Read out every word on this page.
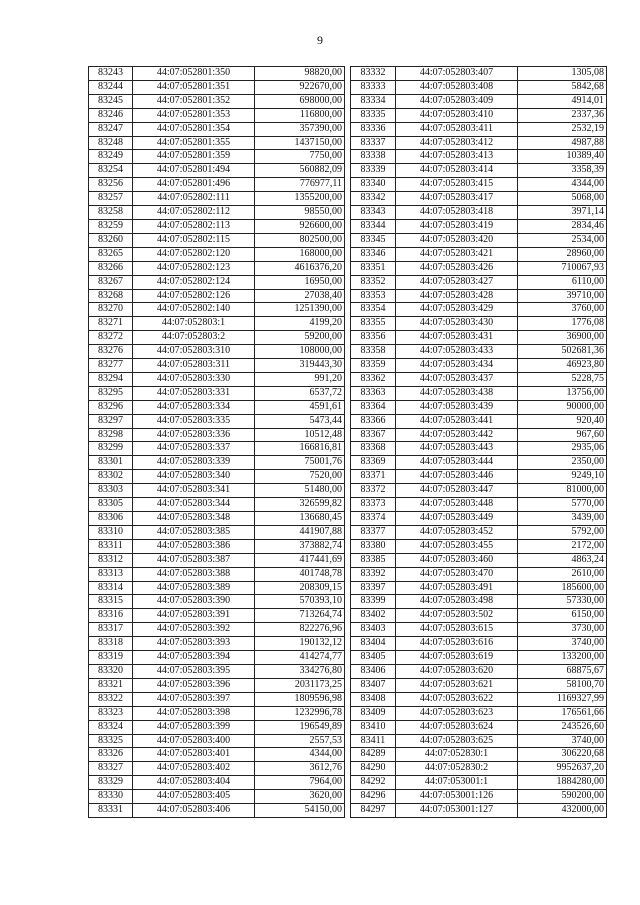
9
83243	44:07:052801:350	98820,00
83244	44:07:052801:351	922670,00
83245	44:07:052801:352	698000,00
83246	44:07:052801:353	116800,00
83247	44:07:052801:354	357390,00
83248	44:07:052801:355	1437150,00
83249	44:07:052801:359	7750,00
83254	44:07:052801:494	560882,09
83256	44:07:052801:496	776977,11
83257	44:07:052802:111	1355200,00
83258	44:07:052802:112	98550,00
83259	44:07:052802:113	926600,00
83260	44:07:052802:115	802500,00
83265	44:07:052802:120	168000,00
83266	44:07:052802:123	4616376,20
83267	44:07:052802:124	16950,00
83268	44:07:052802:126	27038,40
83270	44:07:052802:140	1251390,00
83271	44:07:052803:1	4199,20
83272	44:07:052803:2	59200,00
83276	44:07:052803:310	108000,00
83277	44:07:052803:311	319443,30
83294	44:07:052803:330	991,20
83295	44:07:052803:331	6537,72
83296	44:07:052803:334	4591,61
83297	44:07:052803:335	5473,44
83298	44:07:052803:336	10512,48
83299	44:07:052803:337	166816,81
83301	44:07:052803:339	75001,76
83302	44:07:052803:340	7520,00
83303	44:07:052803:341	51480,00
83305	44:07:052803:344	326599,82
83306	44:07:052803:348	136680,45
83310	44:07:052803:385	441907,88
83311	44:07:052803:386	373882,74
83312	44:07:052803:387	417441,69
83313	44:07:052803:388	401748,78
83314	44:07:052803:389	208309,15
83315	44:07:052803:390	570393,10
83316	44:07:052803:391	713264,74
83317	44:07:052803:392	822276,96
83318	44:07:052803:393	190132,12
83319	44:07:052803:394	414274,77
83320	44:07:052803:395	334276,80
83321	44:07:052803:396	2031173,25
83322	44:07:052803:397	1809596,98
83323	44:07:052803:398	1232996,78
83324	44:07:052803:399	196549,89
83325	44:07:052803:400	2557,53
83326	44:07:052803:401	4344,00
83327	44:07:052803:402	3612,76
83329	44:07:052803:404	7964,00
83330	44:07:052803:405	3620,00
83331	44:07:052803:406	54150,00
83332	44:07:052803:407	1305,08
83333	44:07:052803:408	5842,68
83334	44:07:052803:409	4914,01
83335	44:07:052803:410	2337,36
83336	44:07:052803:411	2532,19
83337	44:07:052803:412	4987,88
83338	44:07:052803:413	10389,40
83339	44:07:052803:414	3358,39
83340	44:07:052803:415	4344,00
83342	44:07:052803:417	5068,00
83343	44:07:052803:418	3971,14
83344	44:07:052803:419	2834,46
83345	44:07:052803:420	2534,00
83346	44:07:052803:421	28960,00
83351	44:07:052803:426	710067,93
83352	44:07:052803:427	6110,00
83353	44:07:052803:428	39710,00
83354	44:07:052803:429	3760,00
83355	44:07:052803:430	1776,08
83356	44:07:052803:431	36900,00
83358	44:07:052803:433	502681,36
83359	44:07:052803:434	46923,80
83362	44:07:052803:437	5228,75
83363	44:07:052803:438	13756,00
83364	44:07:052803:439	90000,00
83366	44:07:052803:441	920,40
83367	44:07:052803:442	967,60
83368	44:07:052803:443	2935,06
83369	44:07:052803:444	2350,00
83371	44:07:052803:446	9249,10
83372	44:07:052803:447	81000,00
83373	44:07:052803:448	5770,00
83374	44:07:052803:449	3439,00
83377	44:07:052803:452	5792,00
83380	44:07:052803:455	2172,00
83385	44:07:052803:460	4863,24
83392	44:07:052803:470	2610,00
83397	44:07:052803:491	185600,00
83399	44:07:052803:498	57330,00
83402	44:07:052803:502	6150,00
83403	44:07:052803:615	3730,00
83404	44:07:052803:616	3740,00
83405	44:07:052803:619	133200,00
83406	44:07:052803:620	68875,67
83407	44:07:052803:621	58100,70
83408	44:07:052803:622	1169327,99
83409	44:07:052803:623	176561,66
83410	44:07:052803:624	243526,60
83411	44:07:052803:625	3740,00
84289	44:07:052830:1	306220,68
84290	44:07:052830:2	9952637,20
84292	44:07:053001:1	1884280,00
84296	44:07:053001:126	590200,00
84297	44:07:053001:127	432000,00
